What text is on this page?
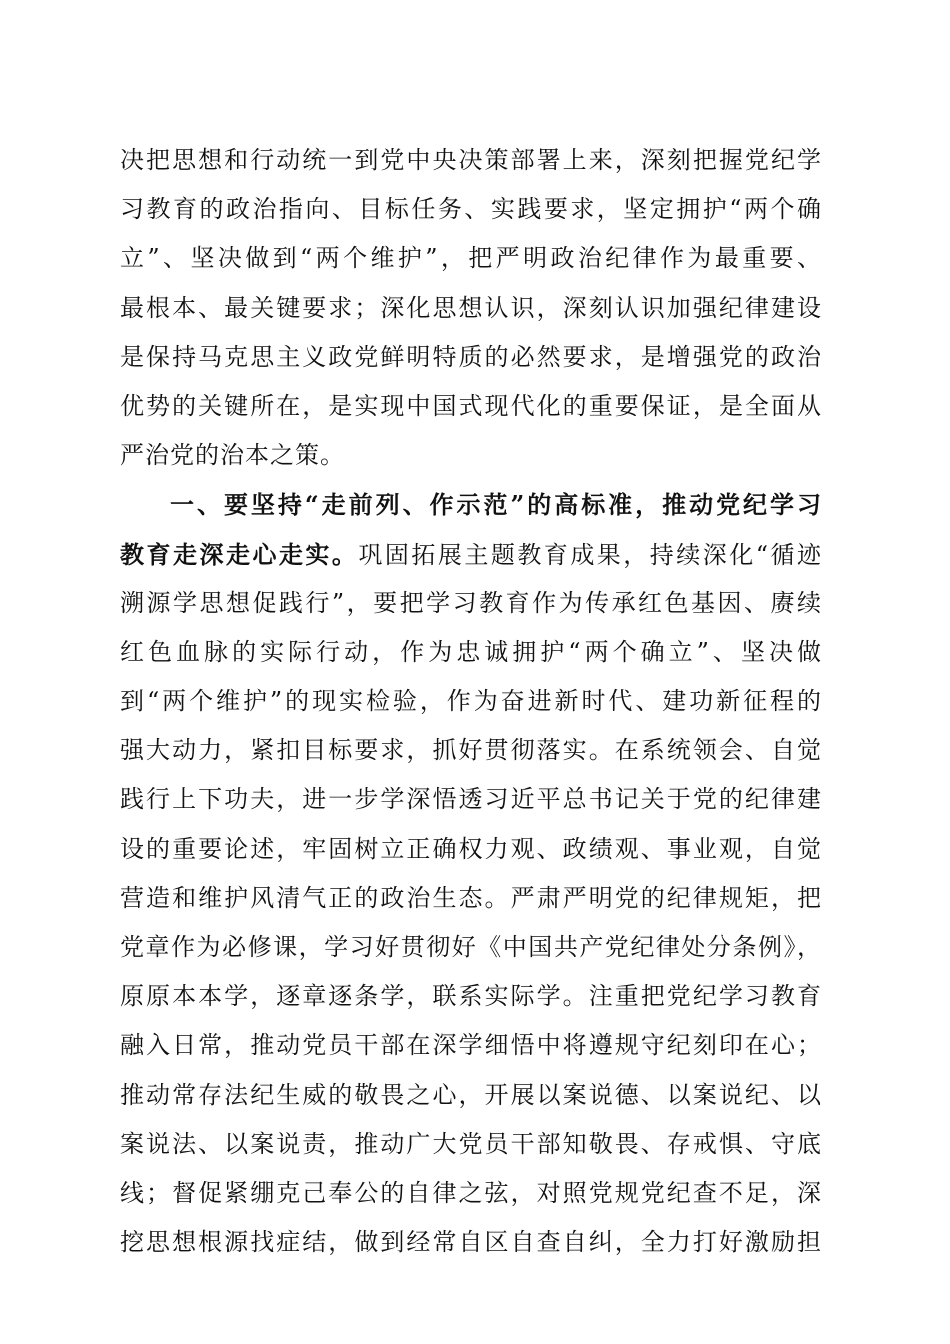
决把思想和行动统一到党中央决策部署上来，深刻把握党纪学
习教育的政治指向、目标任务、实践要求，坚定拥护“两个确
立”、坚决做到“两个维护”，把严明政治纪律作为最重要、
最根本、最关键要求；深化思想认识，深刻认识加强纪律建设
是保持马克思主义政党鲜明特质的必然要求，是增强党的政治
优势的关键所在，是实现中国式现代化的重要保证，是全面从
严治党的治本之策。
一、要坚持“走前列、作示范”的高标准，推动党纪学习
教育走深走心走实。巩固拓展主题教育成果，持续深化“循迹
溯源学思想促践行”，要把学习教育作为传承红色基因、赓续
红色血脉的实际行动，作为忠诚拥护“两个确立”、坚决做
到“两个维护”的现实检验，作为奋进新时代、建功新征程的
强大动力，紧扣目标要求，抓好贯彻落实。在系统领会、自觉
践行上下功夫，进一步学深悟透习近平总书记关于党的纪律建
设的重要论述，牢固树立正确权力观、政绩观、事业观，自觉
营造和维护风清气正的政治生态。严肃严明党的纪律规矩，把
党章作为必修课，学习好贯彻好《中国共产党纪律处分条例》，
原原本本学，逐章逐条学，联系实际学。注重把党纪学习教育
融入日常，推动党员干部在深学细悟中将遵规守纪刻印在心；
推动常存法纪生威的敬畏之心，开展以案说德、以案说纪、以
案说法、以案说责，推动广大党员干部知敬畏、存戒惧、守底
线；督促紧绷克己奉公的自律之弦，对照党规党纪查不足，深
挖思想根源找症结，做到经常自区自查自纠，全力打好激励担
